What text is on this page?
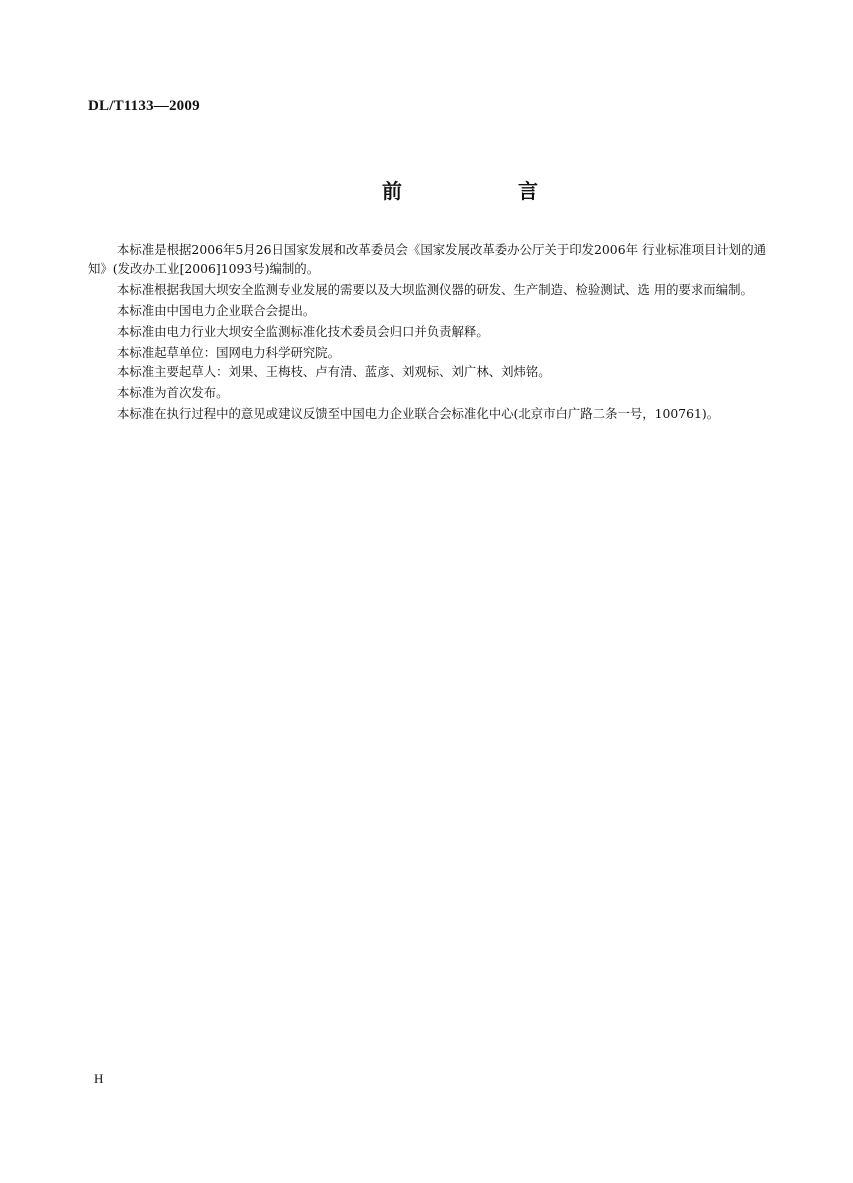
DL/T1133—2009
前　言

本标准是根据2006年5月26日国家发展和改革委员会《国家发展改革委办公厅关于印发2006年 行业标准项目计划的通知》(发改办工业[2006]1093号)编制的。

本标准根据我国大坝安全监测专业发展的需要以及大坝监测仪器的研发、生产制造、检验测试、选 用的要求而编制。

本标准由中国电力企业联合会提出。

本标准由电力行业大坝安全监测标准化技术委员会归口并负责解释。

本标准起草单位：国网电力科学研究院。

本标准主要起草人：刘果、王梅枝、卢有清、蓝彦、刘观标、刘广林、刘炜铭。

本标准为首次发布。

本标准在执行过程中的意见或建议反馈至中国电力企业联合会标准化中心(北京市白广路二条一号，100761)。

H
